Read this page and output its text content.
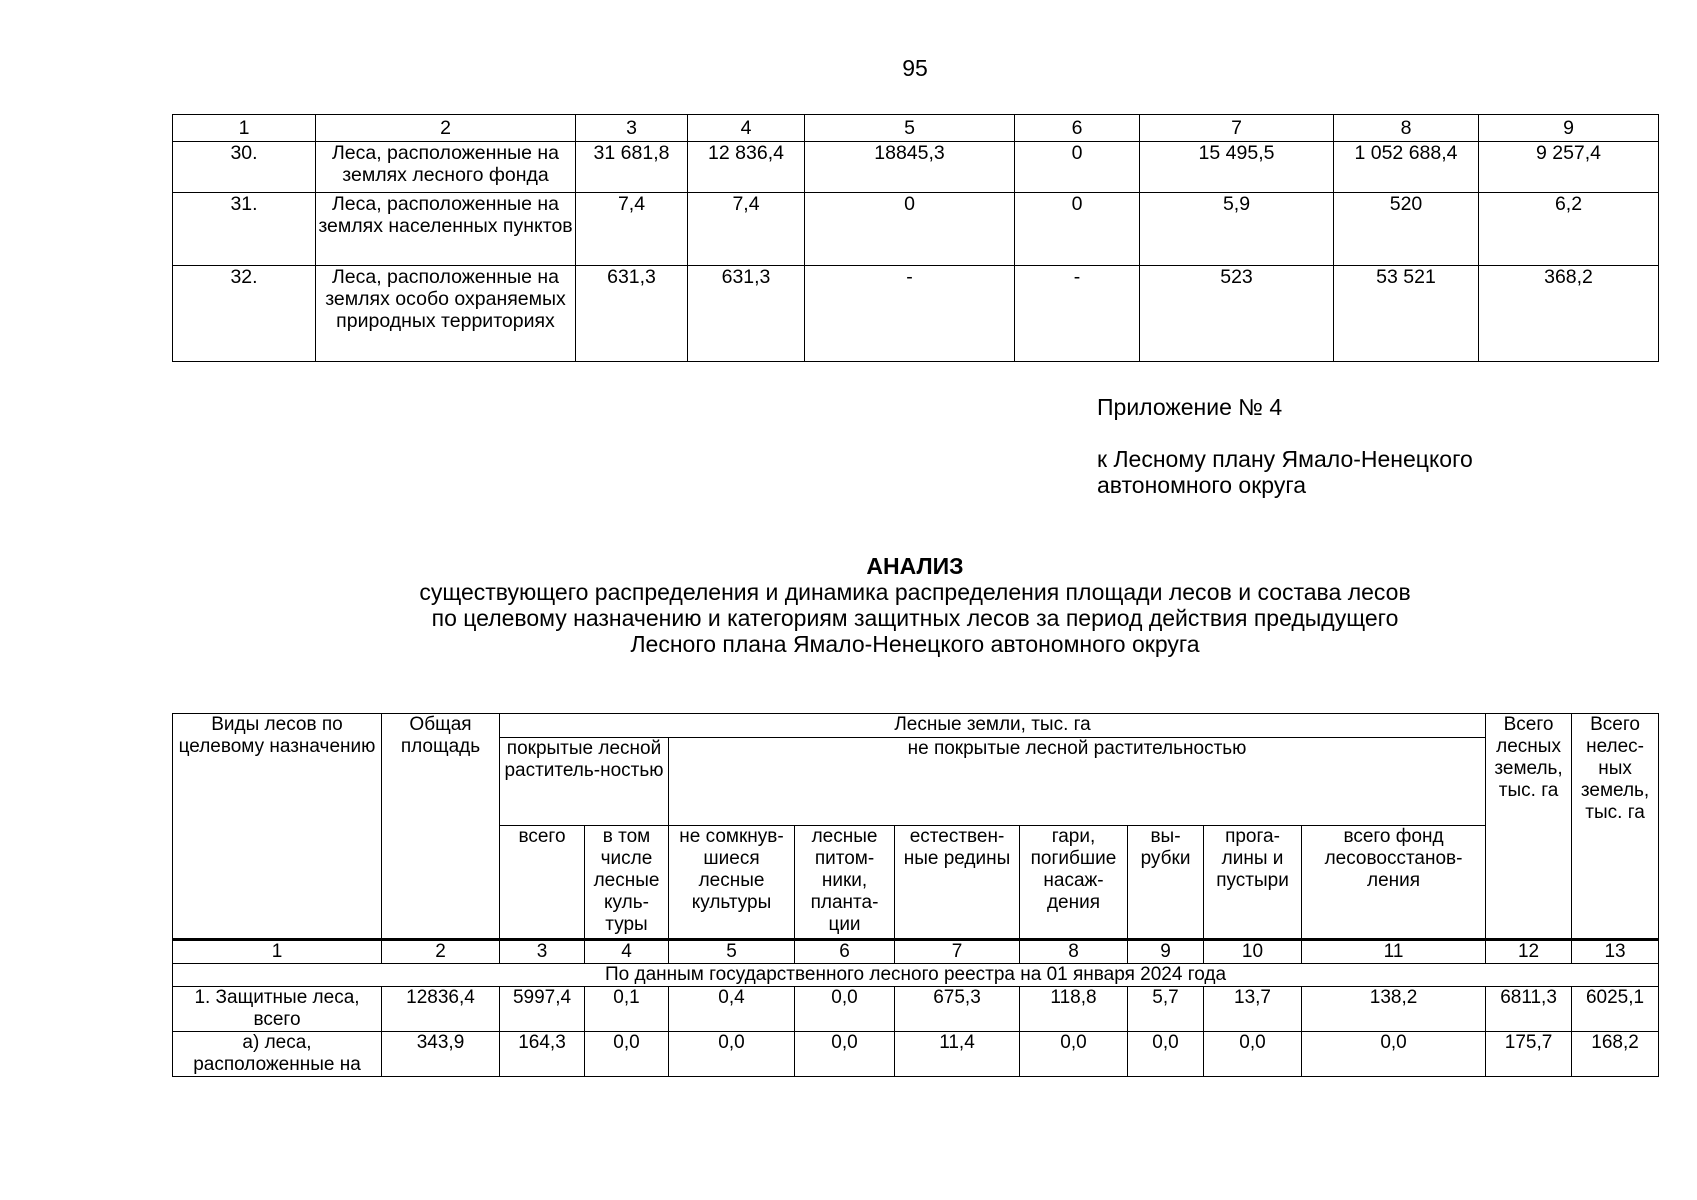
95
1	2	3	4	5	6	7	8	9
30.	Леса, расположенные на землях лесного фонда	31 681,8	12 836,4	18845,3	0	15 495,5	1 052 688,4	9 257,4
31.	Леса, расположенные на землях населенных пунктов	7,4	7,4	0	0	5,9	520	6,2
32.	Леса, расположенные на землях особо охраняемых природных территориях	631,3	631,3	-	-	523	53 521	368,2
Приложение № 4
к Лесному плану Ямало-Ненецкого автономного округа
АНАЛИЗ
существующего распределения и динамика распределения площади лесов и состава лесов
по целевому назначению и категориям защитных лесов за период действия предыдущего
Лесного плана Ямало-Ненецкого автономного округа
Виды лесов по целевому назначению	Общая площадь	Лесные земли, тыс. га									Всего лесных земель, тыс. га	Всего нелес-ных земель, тыс. га
		покрытые лесной раститель-ностью		не покрытые лесной растительностью								
		всего	в том числе лесные куль-туры	не сомкнув-шиеся лесные культуры	лесные питом-ники, планта-ции	естествен-ные редины	гари, погибшие насаж-дения	вы-рубки	прога-лины и пустыри	всего фонд лесовосстанов-ления		
1	2	3	4	5	6	7	8	9	10	11	12	13
По данным государственного лесного реестра на 01 января 2024 года												
1. Защитные леса, всего	12836,4	5997,4	0,1	0,4	0,0	675,3	118,8	5,7	13,7	138,2	6811,3	6025,1
а) леса, расположенные на	343,9	164,3	0,0	0,0	0,0	11,4	0,0	0,0	0,0	0,0	175,7	168,2
